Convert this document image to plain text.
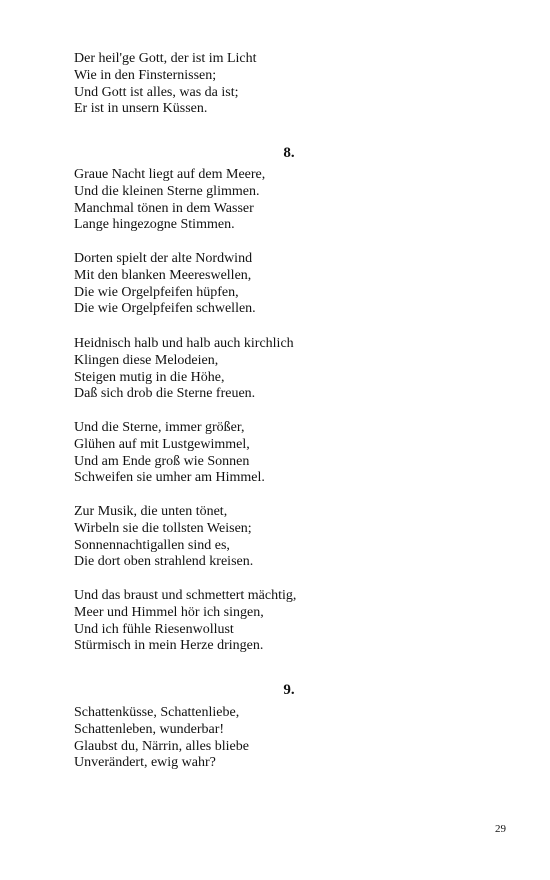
Der heil'ge Gott, der ist im Licht
Wie in den Finsternissen;
Und Gott ist alles, was da ist;
Er ist in unsern Küssen.
8.
Graue Nacht liegt auf dem Meere,
Und die kleinen Sterne glimmen.
Manchmal tönen in dem Wasser
Lange hingezogne Stimmen.
Dorten spielt der alte Nordwind
Mit den blanken Meereswellen,
Die wie Orgelpfeifen hüpfen,
Die wie Orgelpfeifen schwellen.
Heidnisch halb und halb auch kirchlich
Klingen diese Melodeien,
Steigen mutig in die Höhe,
Daß sich drob die Sterne freuen.
Und die Sterne, immer größer,
Glühen auf mit Lustgewimmel,
Und am Ende groß wie Sonnen
Schweifen sie umher am Himmel.
Zur Musik, die unten tönet,
Wirbeln sie die tollsten Weisen;
Sonnennachtigallen sind es,
Die dort oben strahlend kreisen.
Und das braust und schmettert mächtig,
Meer und Himmel hör ich singen,
Und ich fühle Riesenwollust
Stürmisch in mein Herze dringen.
9.
Schattenküsse, Schattenliebe,
Schattenleben, wunderbar!
Glaubst du, Närrin, alles bliebe
Unverändert, ewig wahr?
29
